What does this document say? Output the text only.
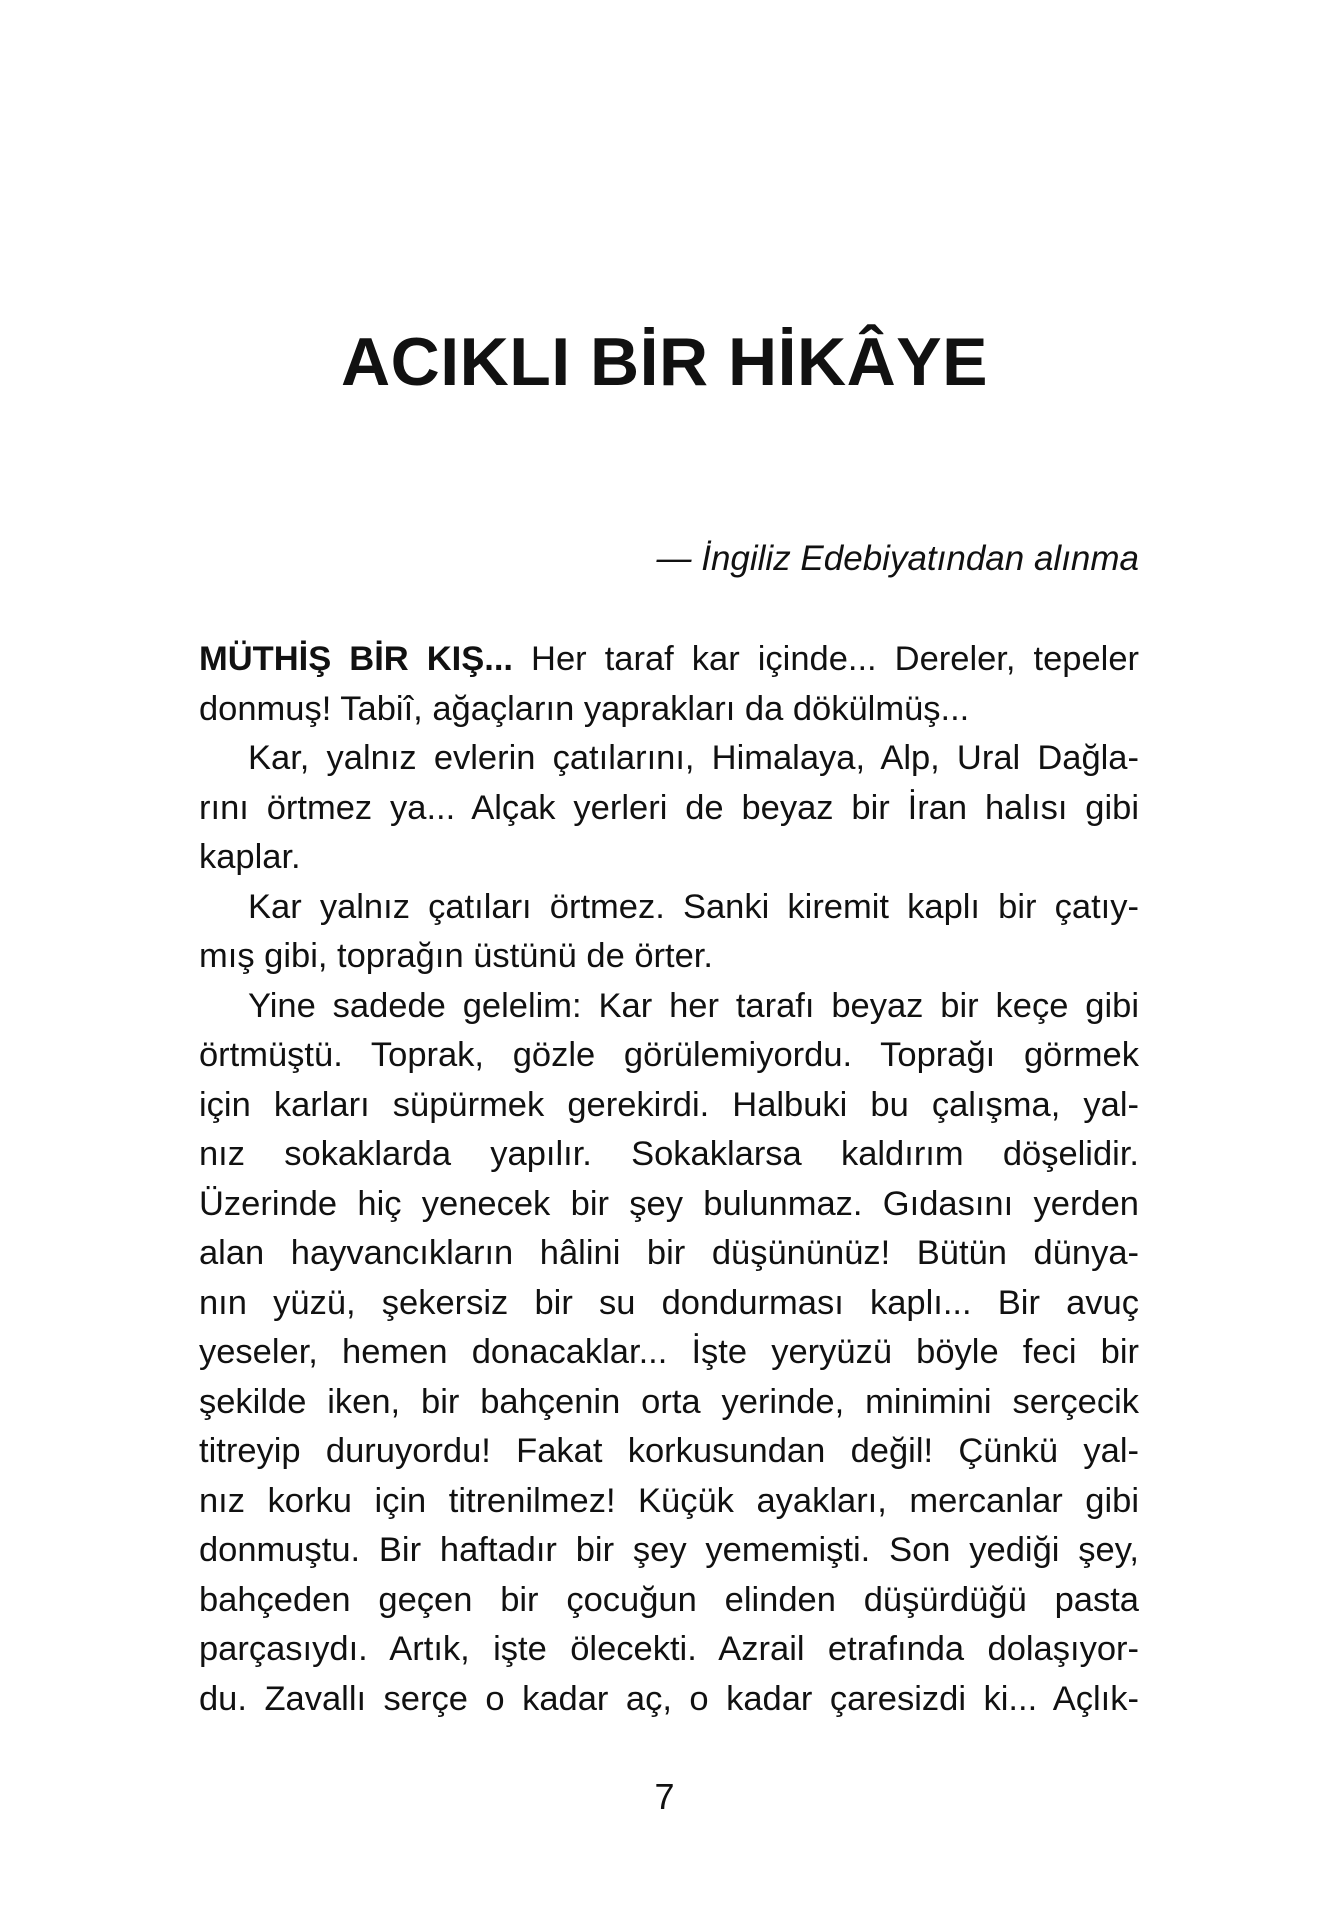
ACIKLI BİR HİKÂYE

— İngiliz Edebiyatından alınma

MÜTHİŞ BİR KIŞ... Her taraf kar içinde... Dereler, tepeler
donmuş! Tabiî, ağaçların yaprakları da dökülmüş...
Kar, yalnız evlerin çatılarını, Himalaya, Alp, Ural Dağla-
rını örtmez ya... Alçak yerleri de beyaz bir İran halısı gibi
kaplar.
Kar yalnız çatıları örtmez. Sanki kiremit kaplı bir çatıy-
mış gibi, toprağın üstünü de örter.
Yine sadede gelelim: Kar her tarafı beyaz bir keçe gibi
örtmüştü. Toprak, gözle görülemiyordu. Toprağı görmek
için karları süpürmek gerekirdi. Halbuki bu çalışma, yal-
nız sokaklarda yapılır. Sokaklarsa kaldırım döşelidir.
Üzerinde hiç yenecek bir şey bulunmaz. Gıdasını yerden
alan hayvancıkların hâlini bir düşününüz! Bütün dünya-
nın yüzü, şekersiz bir su dondurması kaplı... Bir avuç
yeseler, hemen donacaklar... İşte yeryüzü böyle feci bir
şekilde iken, bir bahçenin orta yerinde, minimini serçecik
titreyip duruyordu! Fakat korkusundan değil! Çünkü yal-
nız korku için titrenilmez! Küçük ayakları, mercanlar gibi
donmuştu. Bir haftadır bir şey yememişti. Son yediği şey,
bahçeden geçen bir çocuğun elinden düşürdüğü pasta
parçasıydı. Artık, işte ölecekti. Azrail etrafında dolaşıyor-
du. Zavallı serçe o kadar aç, o kadar çaresizdi ki... Açlık-

7
